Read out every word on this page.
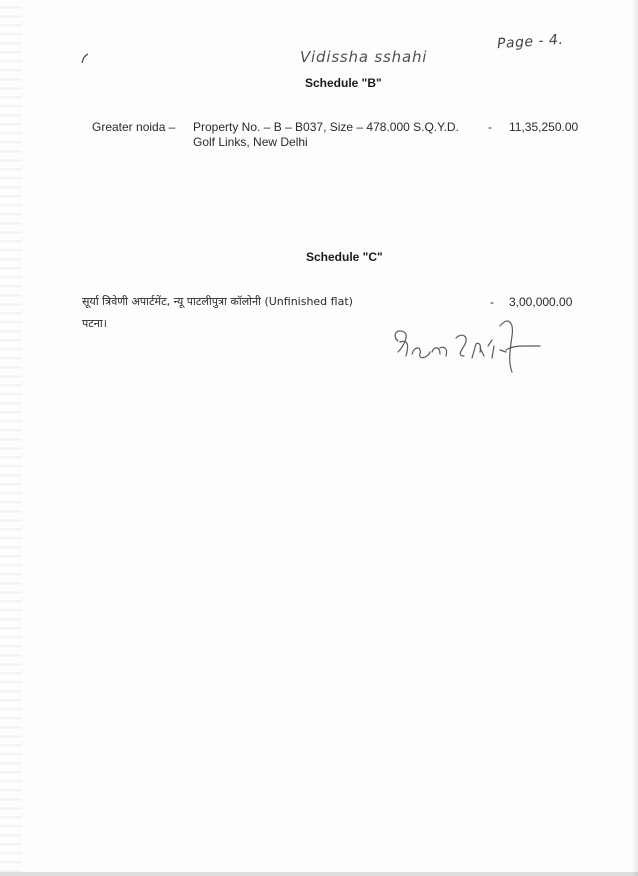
Page - 4.
Vidissha sshahi
Schedule "B"
Greater noida – Property No. – B – B037, Size – 478.000 S.Q.Y.D.
Golf Links, New Delhi
- 11,35,250.00
Schedule "C"
सूर्या त्रिवेणी अपार्टमेंट, न्यू पाटलीपुत्रा कॉलोनी (Unfinished flat)
पटना।
- 3,00,000.00
